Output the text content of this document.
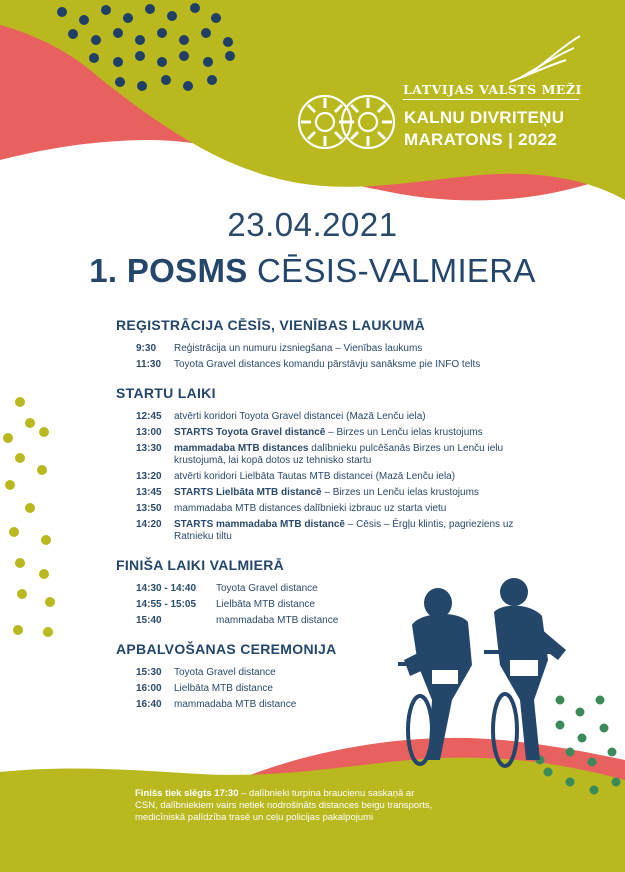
LATVIJAS VALSTS MEŽI
KALNU DIVRITEŅU
MARATONS | 2022
23.04.2021
1. POSMS CĒSIS-VALMIERA
REĢISTRĀCIJA CĒSĪS, VIENĪBAS LAUKUMĀ
9:30	Reģistrācija un numuru izsniegšana – Vienības laukums
11:30	Toyota Gravel distances komandu pārstāvju sanāksme pie INFO telts
STARTU LAIKI
12:45	atvērti koridori Toyota Gravel distancei (Mazā Lenču iela)
13:00	STARTS Toyota Gravel distancē – Birzes un Lenču ielas krustojums
13:30	mammadaba MTB distances dalībnieku pulcēšanās Birzes un Lenču ielu krustojumā, lai kopā dotos uz tehnisko startu
13:20	atvērti koridori Lielbāta Tautas MTB distancei (Mazā Lenču iela)
13:45	STARTS Lielbāta MTB distancē – Birzes un Lenču ielas krustojums
13:50	mammadaba MTB distances dalībnieki izbrauc uz starta vietu
14:20	STARTS mammadaba MTB distancē – Cēsis – Ērgļu klintis, pagrieziens uz Ratnieku tiltu
FINIŠA LAIKI VALMIERĀ
14:30 - 14:40	Toyota Gravel distance
14:55 - 15:05	Lielbāta MTB distance
15:40	mammadaba MTB distance
APBALVOŠANAS CEREMONIJA
15:30	Toyota Gravel distance
16:00	Lielbāta MTB distance
16:40	mammadaba MTB distance
Finišs tiek slēgts 17:30 – dalībnieki turpina braucienu saskaņā ar CSN, dalībniekiem vairs netiek nodrošināts distances beigu transports, medicīniskā palīdzība trasē un ceļu policijas pakalpojumi
